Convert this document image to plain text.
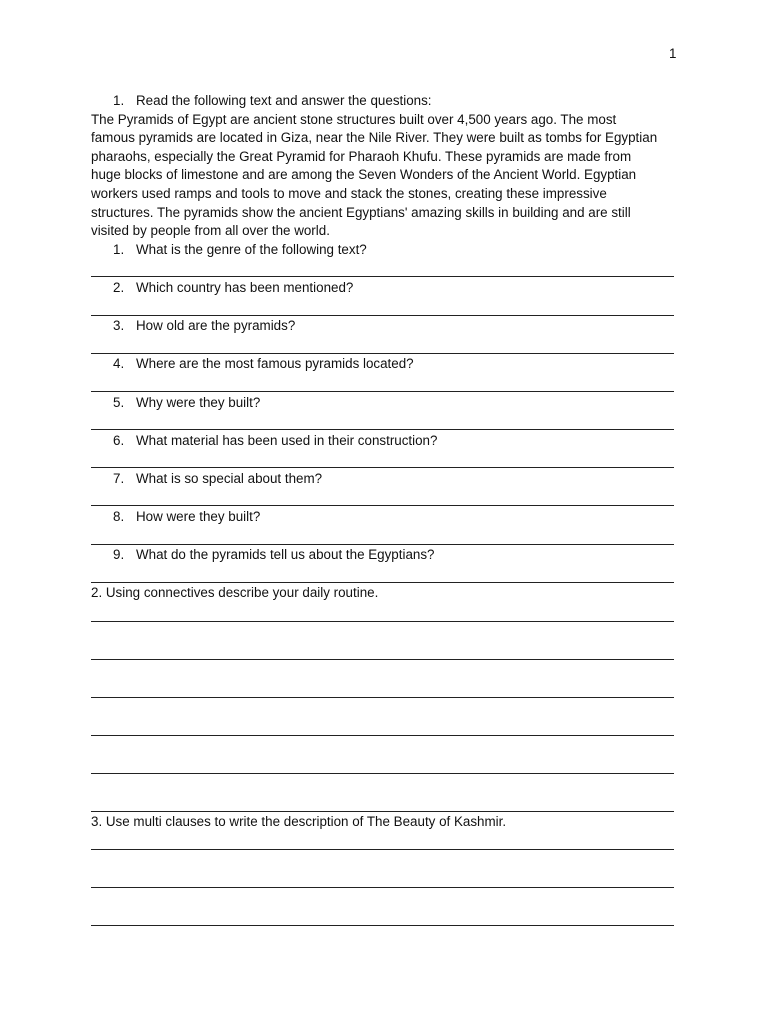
1
1. Read the following text and answer the questions:

The Pyramids of Egypt are ancient stone structures built over 4,500 years ago. The most

famous pyramids are located in Giza, near the Nile River. They were built as tombs for Egyptian

pharaohs, especially the Great Pyramid for Pharaoh Khufu. These pyramids are made from

huge blocks of limestone and are among the Seven Wonders of the Ancient World. Egyptian

workers used ramps and tools to move and stack the stones, creating these impressive

structures. The pyramids show the ancient Egyptians' amazing skills in building and are still

visited by people from all over the world.

1. What is the genre of the following text?
2. Which country has been mentioned?
3. How old are the pyramids?
4. Where are the most famous pyramids located?
5. Why were they built?
6. What material has been used in their construction?
7. What is so special about them?
8. How were they built?
9. What do the pyramids tell us about the Egyptians?
2. Using connectives describe your daily routine.
3. Use multi clauses to write the description of The Beauty of Kashmir.
